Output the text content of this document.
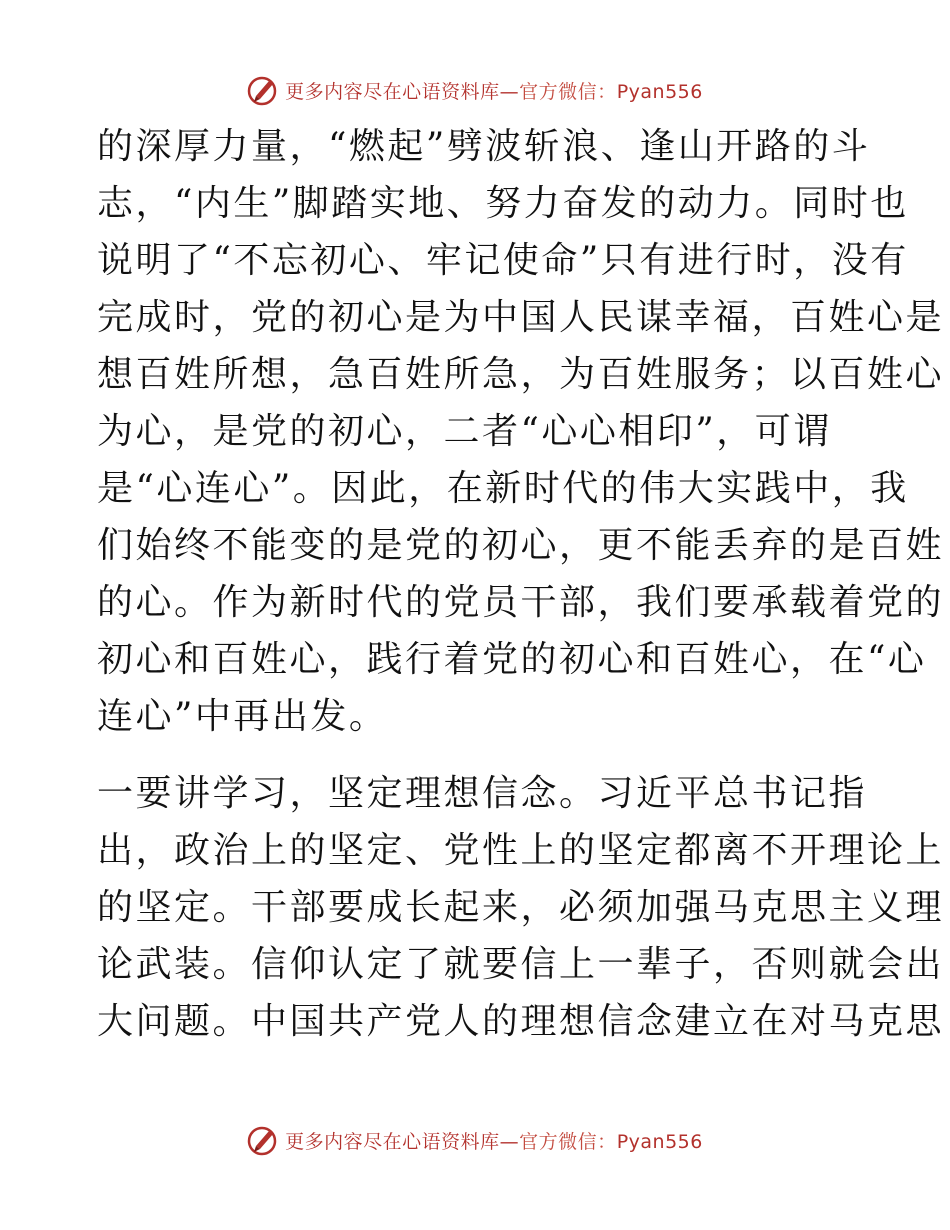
更多内容尽在心语资料库—官方微信：Pyan556
的深厚力量，“燃起”劈波斩浪、逢山开路的斗
志，“内生”脚踏实地、努力奋发的动力。同时也
说明了“不忘初心、牢记使命”只有进行时，没有
完成时，党的初心是为中国人民谋幸福，百姓心是
想百姓所想，急百姓所急，为百姓服务；以百姓心
为心，是党的初心，二者“心心相印”，可谓
是“心连心”。因此，在新时代的伟大实践中，我
们始终不能变的是党的初心，更不能丢弃的是百姓
的心。作为新时代的党员干部，我们要承载着党的
初心和百姓心，践行着党的初心和百姓心，在“心
连心”中再出发。
一要讲学习，坚定理想信念。习近平总书记指
出，政治上的坚定、党性上的坚定都离不开理论上
的坚定。干部要成长起来，必须加强马克思主义理
论武装。信仰认定了就要信上一辈子，否则就会出
大问题。中国共产党人的理想信念建立在对马克思
更多内容尽在心语资料库—官方微信：Pyan556
